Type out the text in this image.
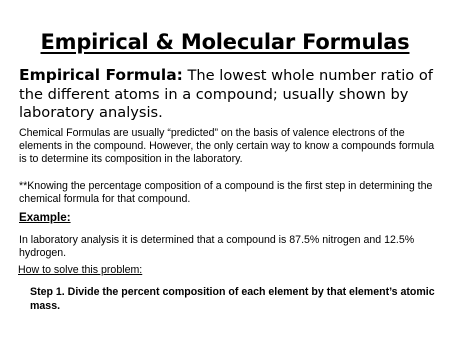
Empirical & Molecular Formulas
Empirical Formula: The lowest whole number ratio of the different atoms in a compound; usually shown by laboratory analysis.
Chemical Formulas are usually “predicted” on the basis of valence electrons of the elements in the compound. However, the only certain way to know a compounds formula is to determine its composition in the laboratory.
**Knowing the percentage composition of a compound is the first step in determining the chemical formula for that compound.
Example:
In laboratory analysis it is determined that a compound is 87.5% nitrogen and 12.5% hydrogen.
How to solve this problem:
Step 1. Divide the percent composition of each element by that element’s atomic mass.
